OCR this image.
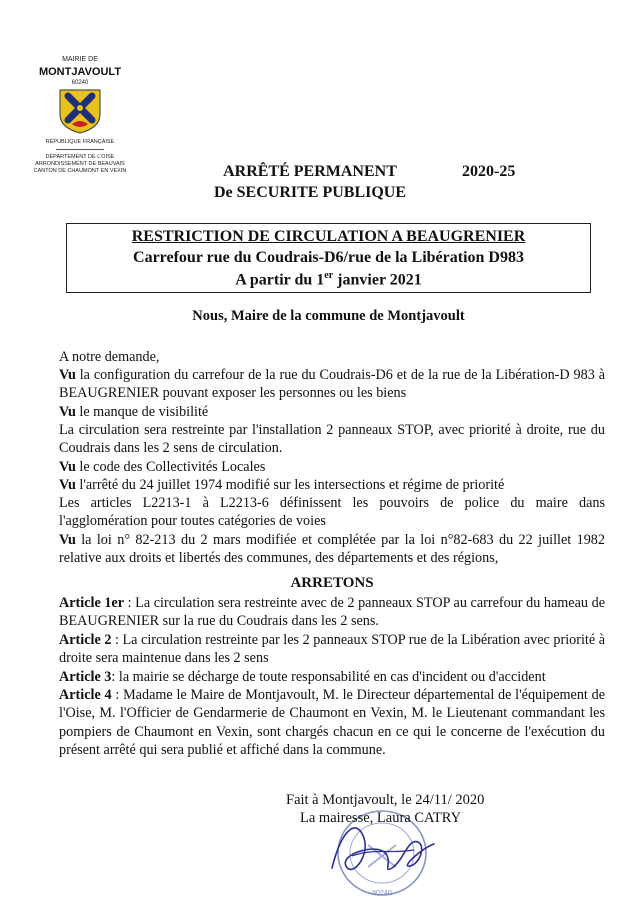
MAIRIE DE
MONTJAVOULT
60240
RÉPUBLIQUE FRANÇAISE
DÉPARTEMENT DE L'OISE
ARRONDISSEMENT DE BEAUVAIS
CANTON DE CHAUMONT EN VEXIN	ARRÊTÉ PERMANENT
De SECURITE PUBLIQUE
2020-25
RESTRICTION DE CIRCULATION A BEAUGRENIER
Carrefour rue du Coudrais-D6/rue de la Libération D983
A partir du 1er janvier 2021
Nous, Maire de la commune de Montjavoult
A notre demande,
Vu la configuration du carrefour de la rue du Coudrais-D6 et de la rue de la Libération-D 983 à BEAUGRENIER pouvant exposer les personnes ou les biens
Vu le manque de visibilité
La circulation sera restreinte par l'installation 2 panneaux STOP, avec priorité à droite, rue du Coudrais dans les 2 sens de circulation.
Vu le code des Collectivités Locales
Vu l'arrêté du 24 juillet 1974 modifié sur les intersections et régime de priorité
Les articles L2213-1 à L2213-6 définissent les pouvoirs de police du maire dans l'agglomération pour toutes catégories de voies
Vu la loi n° 82-213 du 2 mars modifiée et complétée par la loi n°82-683 du 22 juillet 1982 relative aux droits et libertés des communes, des départements et des régions,
ARRETONS
Article 1er : La circulation sera restreinte avec de 2 panneaux STOP au carrefour du hameau de BEAUGRENIER sur la rue du Coudrais dans les 2 sens.
Article 2 : La circulation restreinte par les 2 panneaux STOP rue de la Libération avec priorité à droite sera maintenue dans les 2 sens
Article 3: la mairie se décharge de toute responsabilité en cas d'incident ou d'accident
Article 4 : Madame le Maire de Montjavoult, M. le Directeur départemental de l'équipement de l'Oise, M. l'Officier de Gendarmerie de Chaumont en Vexin, M. le Lieutenant commandant les pompiers de Chaumont en Vexin, sont chargés chacun en ce qui le concerne de l'exécution du présent arrêté qui sera publié et affiché dans la commune.
60240
Fait à Montjavoult, le 24/11/ 2020
La mairesse, Laura CATRY
